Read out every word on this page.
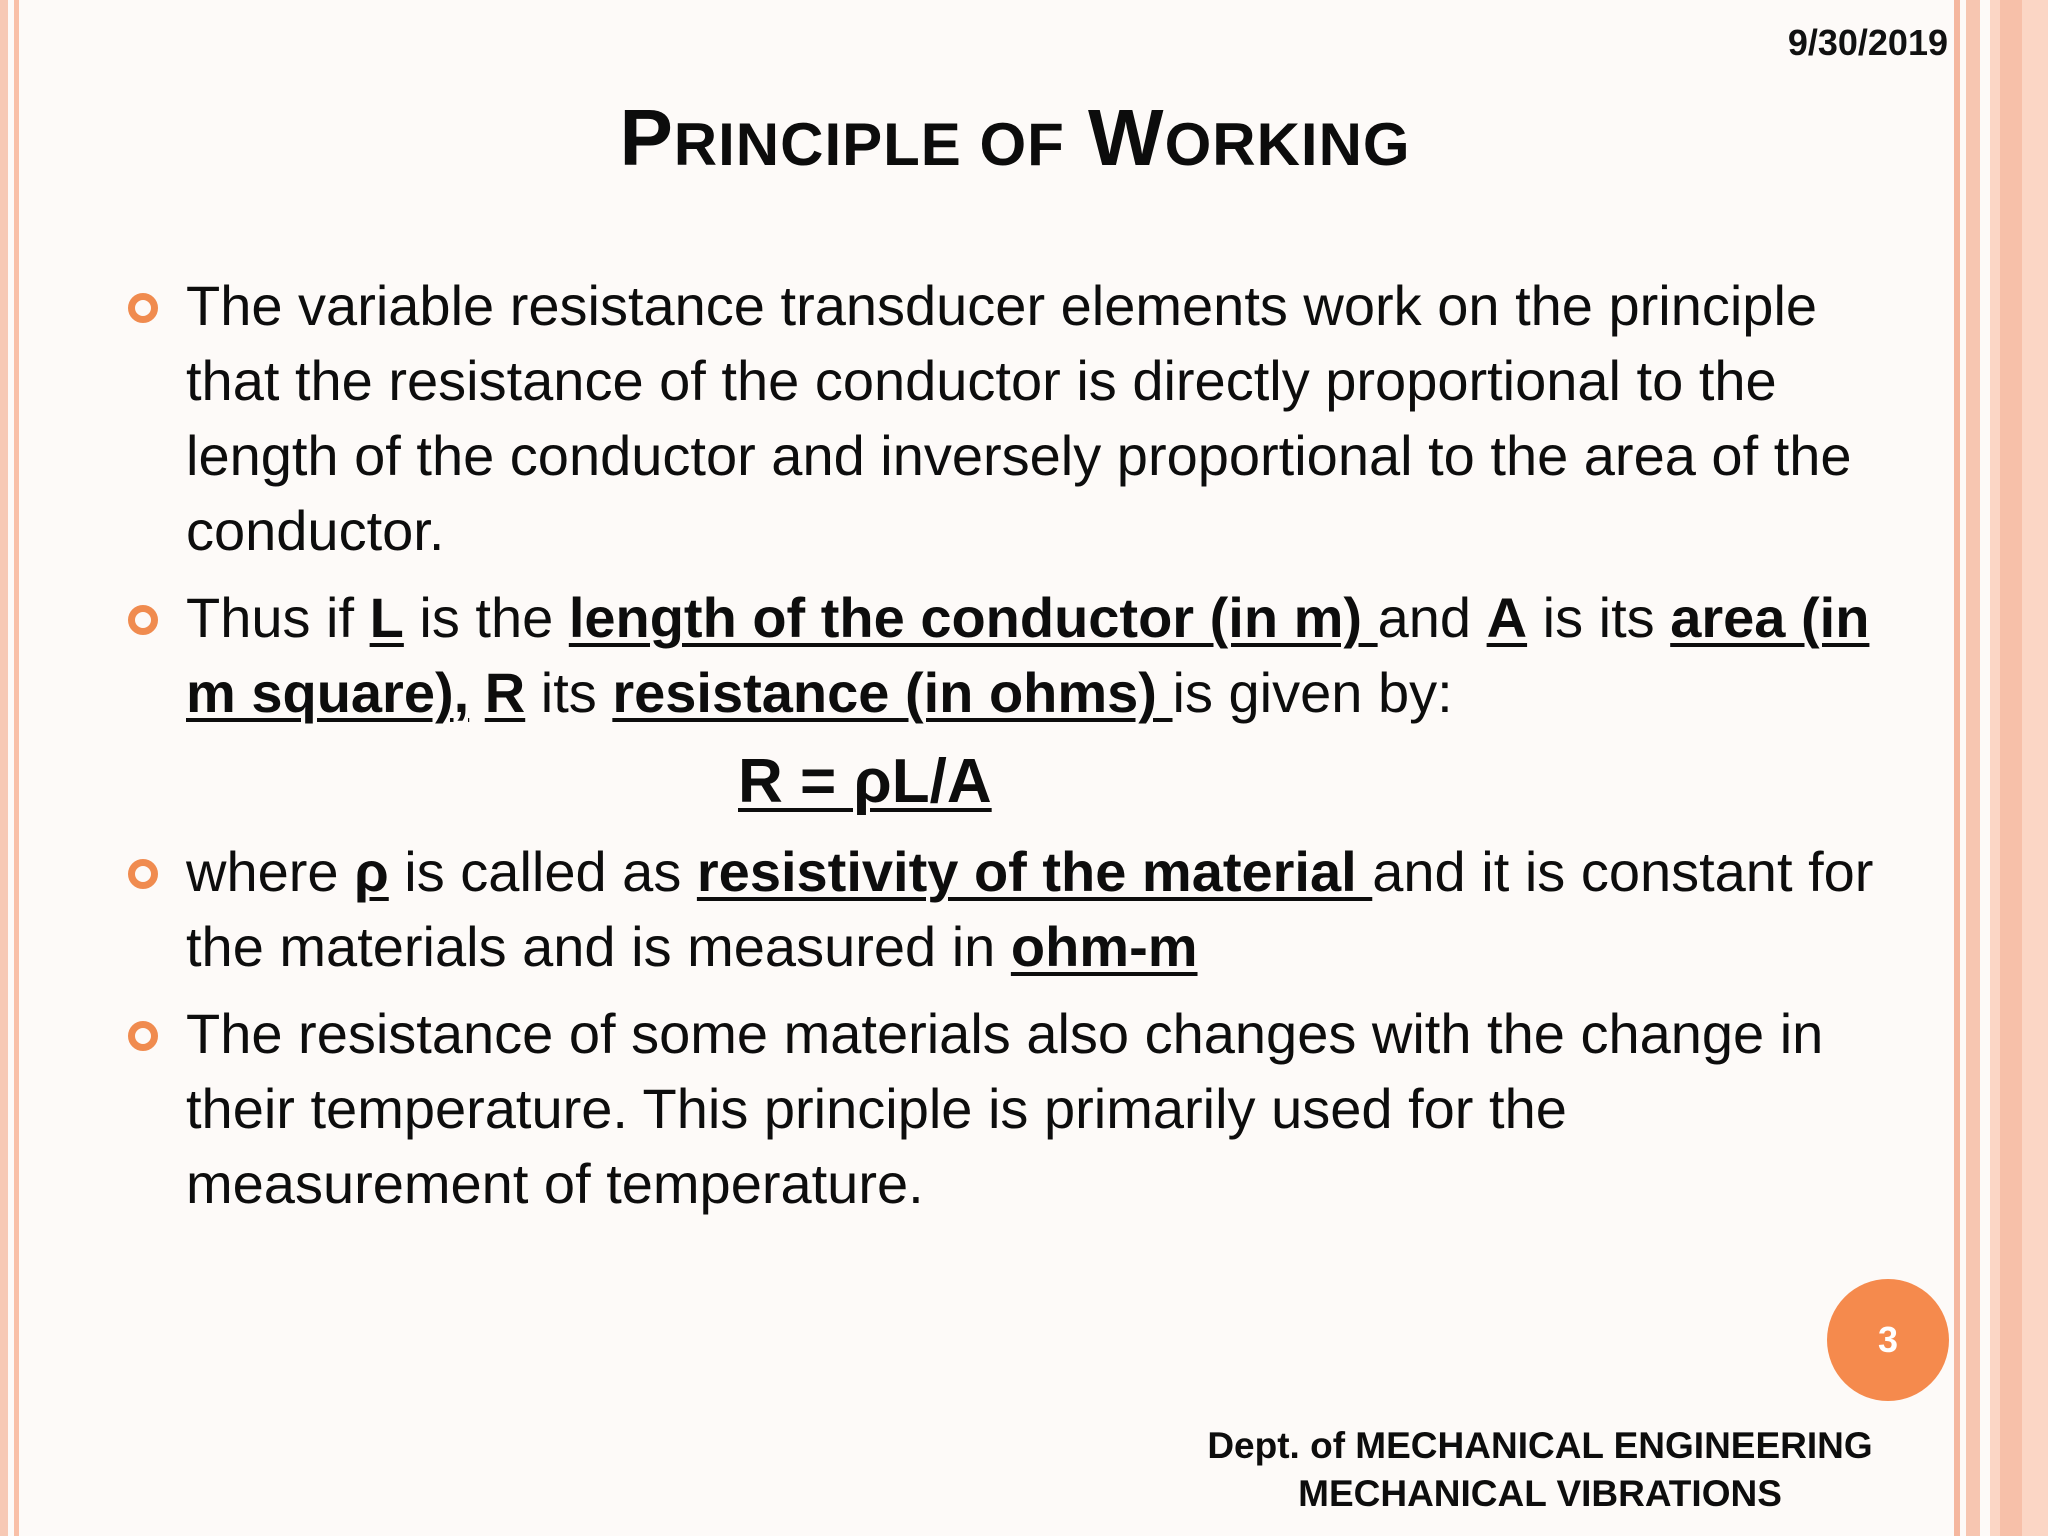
9/30/2019
PRINCIPLE OF WORKING
The variable resistance transducer elements work on the principle that the resistance of the conductor is directly proportional to the length of the conductor and inversely proportional to the area of the conductor.
Thus if L is the length of the conductor (in m) and A is its area (in m square), R its resistance (in ohms) is given by:
R = ρL/A
where ρ is called as resistivity of the material and it is constant for the materials and is measured in ohm-m
The resistance of some materials also changes with the change in their temperature. This principle is primarily used for the measurement of temperature.
3
Dept. of MECHANICAL ENGINEERING
MECHANICAL VIBRATIONS
